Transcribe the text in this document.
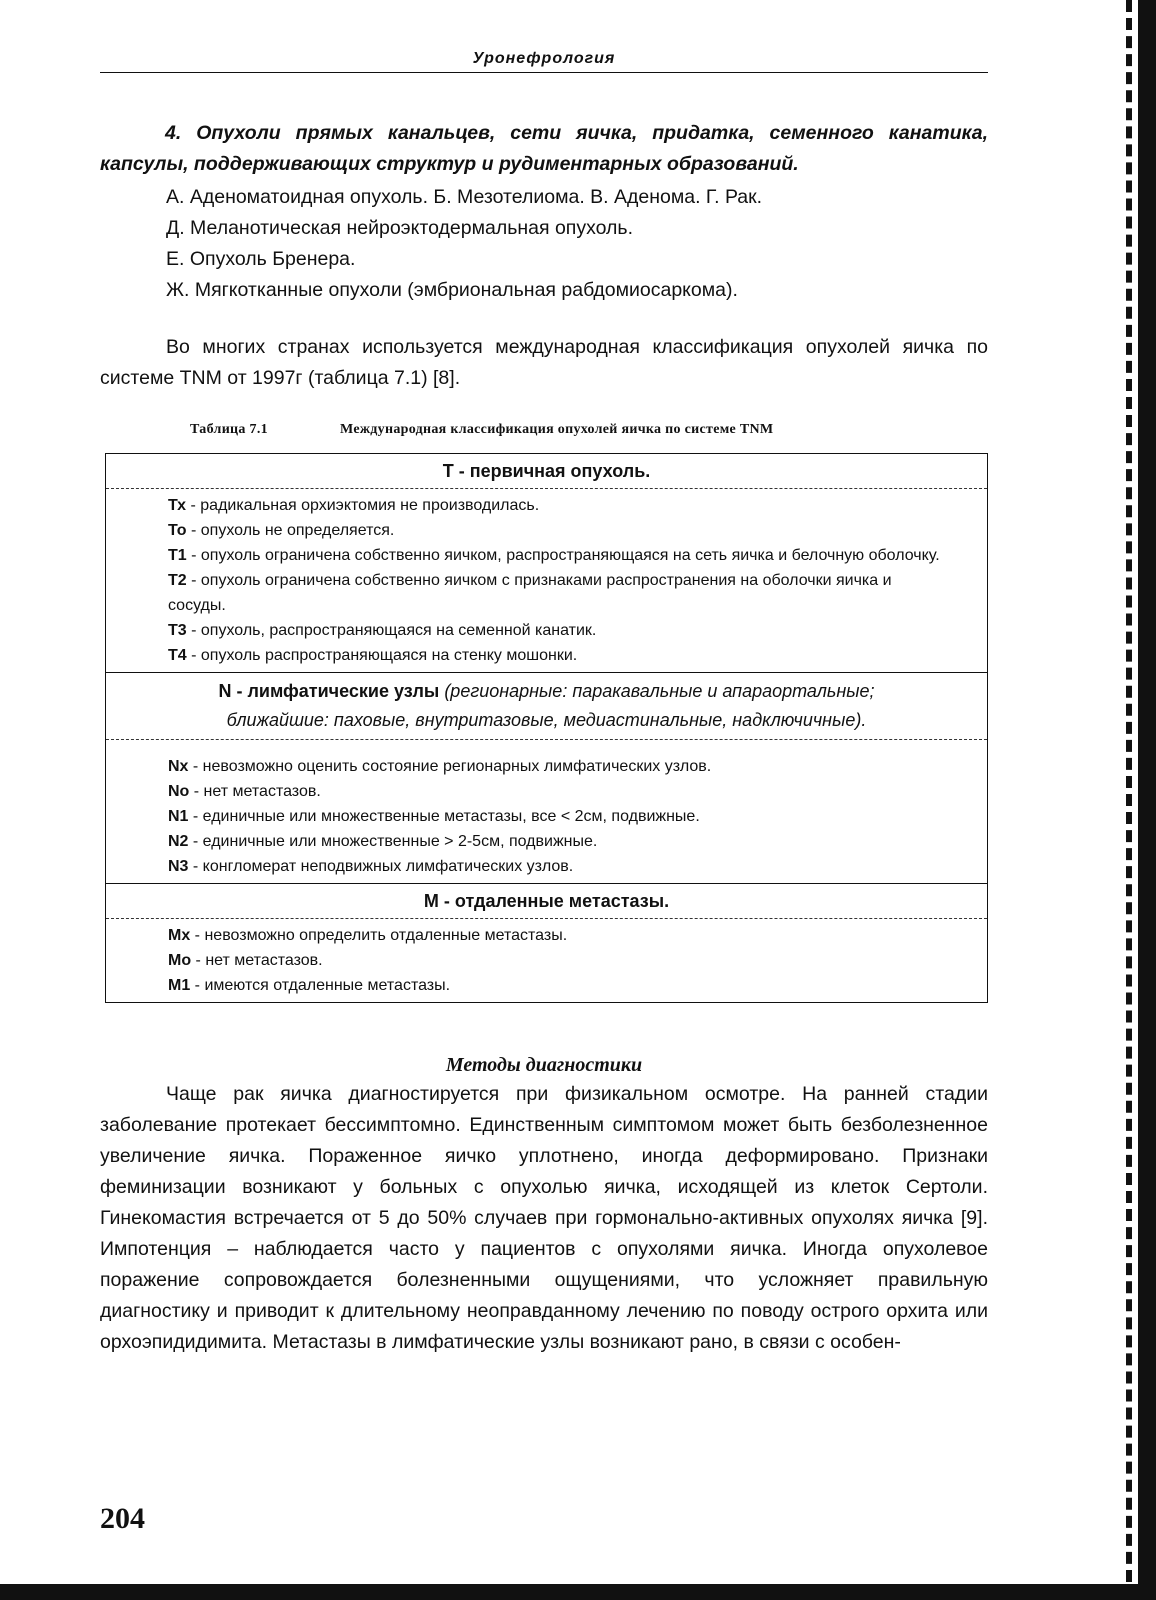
Уронефрология

4. Опухоли прямых канальцев, сети яичка, придатка, семенного канатика, капсулы, поддерживающих структур и рудиментарных образований.

А. Аденоматоидная опухоль. Б. Мезотелиома. В. Аденома. Г. Рак.
Д. Меланотическая нейроэктодермальная опухоль.
Е. Опухоль Бренера.
Ж. Мягкотканные опухоли (эмбриональная рабдомиосаркома).

Во многих странах используется международная классификация опухолей яичка по системе TNM от 1997г (таблица 7.1) [8].

Таблица 7.1	Международная классификация опухолей яичка по системе TNM
Т - первичная опухоль.
Тх - радикальная орхиэктомия не производилась.
То - опухоль не определяется.
Т1 - опухоль ограничена собственно яичком, распространяющаяся на сеть яичка и белочную оболочку.
Т2 - опухоль ограничена собственно яичком с признаками распространения на оболочки яичка и сосуды.
Т3 - опухоль, распространяющаяся на семенной канатик.
Т4 - опухоль распространяющаяся на стенку мошонки.
N - лимфатические узлы (регионарные: паракавальные и апараортальные; ближайшие: паховые, внутритазовые, медиастинальные, надключичные).
Nx - невозможно оценить состояние регионарных лимфатических узлов.
No - нет метастазов.
N1 - единичные или множественные метастазы, все < 2см, подвижные.
N2 - единичные или множественные > 2-5см, подвижные.
N3 - конгломерат неподвижных лимфатических узлов.
М - отдаленные метастазы.
Мх - невозможно определить отдаленные метастазы.
Мо - нет метастазов.
М1 - имеются отдаленные метастазы.
Методы диагностики

Чаще рак яичка диагностируется при физикальном осмотре. На ранней стадии заболевание протекает бессимптомно. Единственным симптомом может быть безболезненное увеличение яичка. Пораженное яичко уплотнено, иногда деформировано. Признаки феминизации возникают у больных с опухолью яичка, исходящей из клеток Сертоли. Гинекомастия встречается от 5 до 50% случаев при гормонально-активных опухолях яичка [9]. Импотенция – наблюдается часто у пациентов с опухолями яичка. Иногда опухолевое поражение сопровождается болезненными ощущениями, что усложняет правильную диагностику и приводит к длительному неоправданному лечению по поводу острого орхита или орхоэпидидимита. Метастазы в лимфатические узлы возникают рано, в связи с особен-

204
